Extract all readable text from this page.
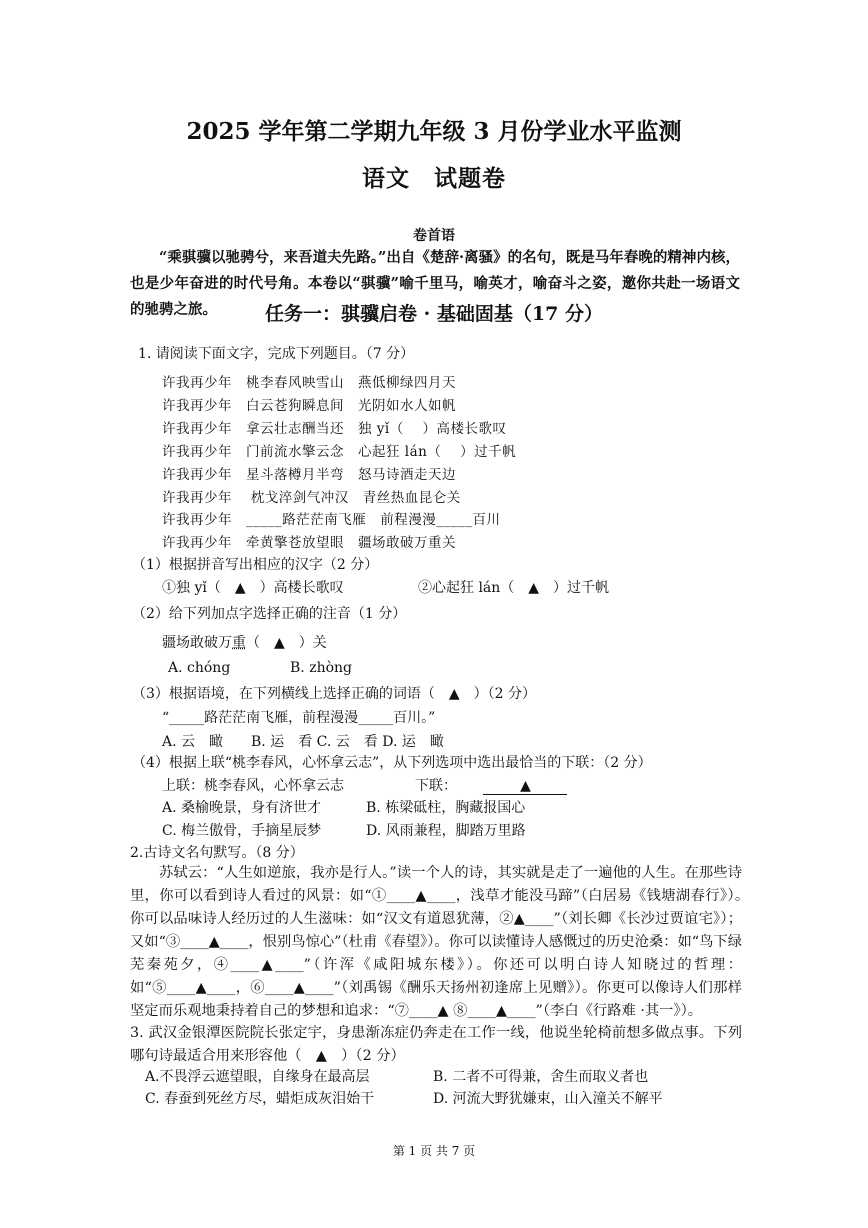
2025 学年第二学期九年级 3 月份学业水平监测
语文　试题卷
卷首语

“乘骐骥以驰骋兮，来吾道夫先路。”出自《楚辞·离骚》的名句，既是马年春晚的精神内核，也是少年奋进的时代号角。本卷以“骐骥”喻千里马，喻英才，喻奋斗之姿，邀你共赴一场语文的驰骋之旅。	任务一：骐骥启卷 · 基础固基（17 分）
1. 请阅读下面文字，完成下列题目。（7 分）
许我再少年 桃李春风映雪山 燕低柳绿四月天
许我再少年 白云苍狗瞬息间 光阴如水人如帆
许我再少年 拿云壮志酬当还 独 yǐ（　 ）高楼长歌叹
许我再少年 门前流水擎云念 心起狂 lán（　 ）过千帆
许我再少年 星斗落樽月半弯 怒马诗酒走天边
许我再少年 枕戈淬剑气冲汉 青丝热血昆仑关
许我再少年 _____路茫茫南飞雁 前程漫漫_____百川
许我再少年 牵黄擎苍放望眼 疆场敢破万重关
（1）根据拼音写出相应的汉字（2 分）
①独 yǐ（　▲　）高楼长歌叹	②心起狂 lán（　▲　）过千帆
（2）给下列加点字选择正确的注音（1 分）
疆场敢破万重（　▲　）关
A. chóng	B. zhòng
（3）根据语境，在下列横线上选择正确的词语（　▲　）（2 分）
“_____路茫茫南飞雁，前程漫漫_____百川。”
A. 云　瞰　　B. 运　看 C. 云　看 D. 运　瞰
（4）根据上联“桃李春风，心怀拿云志”，从下列选项中选出最恰当的下联：（2 分）
上联：桃李春风，心怀拿云志	下联：	▲
A. 桑榆晚景，身有济世才	B. 栋梁砥柱，胸藏报国心
C. 梅兰傲骨，手摘星辰梦	D. 风雨兼程，脚踏万里路
2.古诗文名句默写。（8 分）
苏轼云：“人生如逆旅，我亦是行人。”读一个人的诗，其实就是走了一遍他的人生。在那些诗里，你可以看到诗人看过的风景：如“①____▲____，浅草才能没马蹄”（白居易《钱塘湖春行》）。　你可以品味诗人经历过的人生滋味：如“汉文有道恩犹薄，②▲____”（刘长卿《长沙过贾谊宅》）；又如“③____▲____，恨别鸟惊心”（杜甫《春望》）。你可以读懂诗人感慨过的历史沧桑：如“鸟下绿芜秦苑夕，④____▲____”（许浑《咸阳城东楼》）。你还可以明白诗人知晓过的哲理：如“⑤____▲____，⑥____▲____”（刘禹锡《酬乐天扬州初逢席上见赠》）。你更可以像诗人们那样坚定而乐观地秉持着自己的梦想和追求：“⑦____▲ ⑧____▲____”（李白《行路难 ·其一》）。
3. 武汉金银潭医院院长张定宇，身患渐冻症仍奔走在工作一线，他说坐轮椅前想多做点事。下列哪句诗最适合用来形容他（　▲　）（2 分）
A.不畏浮云遮望眼，自缘身在最高层	B. 二者不可得兼，舍生而取义者也
C. 春蚕到死丝方尽，蜡炬成灰泪始干	D. 河流大野犹嫌束，山入潼关不解平
第 1 页 共 7 页
